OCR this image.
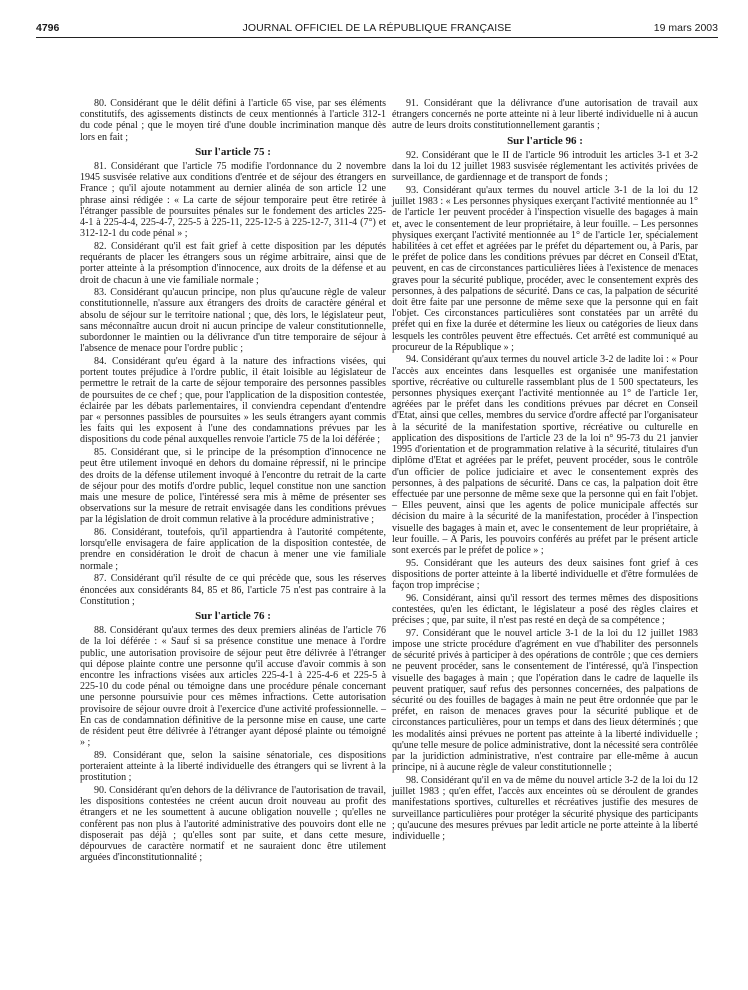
4796	JOURNAL OFFICIEL DE LA RÉPUBLIQUE FRANÇAISE	19 mars 2003

80. Considérant que le délit défini à l'article 65 vise, par ses éléments constitutifs, des agissements distincts de ceux mentionnés à l'article 312-1 du code pénal ; que le moyen tiré d'une double incrimination manque dès lors en fait ;

Sur l'article 75 :

81. Considérant que l'article 75 modifie l'ordonnance du 2 novembre 1945 susvisée relative aux conditions d'entrée et de séjour des étrangers en France ; qu'il ajoute notamment au dernier alinéa de son article 12 une phrase ainsi rédigée : « La carte de séjour temporaire peut être retirée à l'étranger passible de poursuites pénales sur le fondement des articles 225-4-1 à 225-4-4, 225-4-7, 225-5 à 225-11, 225-12-5 à 225-12-7, 311-4 (7°) et 312-12-1 du code pénal » ;

82. Considérant qu'il est fait grief à cette disposition par les députés requérants de placer les étrangers sous un régime arbitraire, ainsi que de porter atteinte à la présomption d'innocence, aux droits de la défense et au droit de chacun à une vie familiale normale ;

83. Considérant qu'aucun principe, non plus qu'aucune règle de valeur constitutionnelle, n'assure aux étrangers des droits de caractère général et absolu de séjour sur le territoire national ; que, dès lors, le législateur peut, sans méconnaître aucun droit ni aucun principe de valeur constitutionnelle, subordonner le maintien ou la délivrance d'un titre temporaire de séjour à l'absence de menace pour l'ordre public ;

84. Considérant qu'eu égard à la nature des infractions visées, qui portent toutes préjudice à l'ordre public, il était loisible au législateur de permettre le retrait de la carte de séjour temporaire des personnes passibles de poursuites de ce chef ; que, pour l'application de la disposition contestée, éclairée par les débats parlementaires, il conviendra cependant d'entendre par « personnes passibles de poursuites » les seuls étrangers ayant commis les faits qui les exposent à l'une des condamnations prévues par les dispositions du code pénal auxquelles renvoie l'article 75 de la loi déférée ;

85. Considérant que, si le principe de la présomption d'innocence ne peut être utilement invoqué en dehors du domaine répressif, ni le principe des droits de la défense utilement invoqué à l'encontre du retrait de la carte de séjour pour des motifs d'ordre public, lequel constitue non une sanction mais une mesure de police, l'intéressé sera mis à même de présenter ses observations sur la mesure de retrait envisagée dans les conditions prévues par la législation de droit commun relative à la procédure administrative ;

86. Considérant, toutefois, qu'il appartiendra à l'autorité compétente, lorsqu'elle envisagera de faire application de la disposition contestée, de prendre en considération le droit de chacun à mener une vie familiale normale ;

87. Considérant qu'il résulte de ce qui précède que, sous les réserves énoncées aux considérants 84, 85 et 86, l'article 75 n'est pas contraire à la Constitution ;

Sur l'article 76 :

88. Considérant qu'aux termes des deux premiers alinéas de l'article 76 de la loi déférée : « Sauf si sa présence constitue une menace à l'ordre public, une autorisation provisoire de séjour peut être délivrée à l'étranger qui dépose plainte contre une personne qu'il accuse d'avoir commis à son encontre les infractions visées aux articles 225-4-1 à 225-4-6 et 225-5 à 225-10 du code pénal ou témoigne dans une procédure pénale concernant une personne poursuivie pour ces mêmes infractions. Cette autorisation provisoire de séjour ouvre droit à l'exercice d'une activité professionnelle. – En cas de condamnation définitive de la personne mise en cause, une carte de résident peut être délivrée à l'étranger ayant déposé plainte ou témoigné » ;

89. Considérant que, selon la saisine sénatoriale, ces dispositions porteraient atteinte à la liberté individuelle des étrangers qui se livrent à la prostitution ;

90. Considérant qu'en dehors de la délivrance de l'autorisation de travail, les dispositions contestées ne créent aucun droit nouveau au profit des étrangers et ne les soumettent à aucune obligation nouvelle ; qu'elles ne confèrent pas non plus à l'autorité administrative des pouvoirs dont elle ne disposerait pas déjà ; qu'elles sont par suite, et dans cette mesure, dépourvues de caractère normatif et ne sauraient donc être utilement arguées d'inconstitutionnalité ;

91. Considérant que la délivrance d'une autorisation de travail aux étrangers concernés ne porte atteinte ni à leur liberté individuelle ni à aucun autre de leurs droits constitutionnellement garantis ;

Sur l'article 96 :

92. Considérant que le II de l'article 96 introduit les articles 3-1 et 3-2 dans la loi du 12 juillet 1983 susvisée réglementant les activités privées de surveillance, de gardiennage et de transport de fonds ;

93. Considérant qu'aux termes du nouvel article 3-1 de la loi du 12 juillet 1983 : « Les personnes physiques exerçant l'activité mentionnée au 1° de l'article 1er peuvent procéder à l'inspection visuelle des bagages à main et, avec le consentement de leur propriétaire, à leur fouille. – Les personnes physiques exerçant l'activité mentionnée au 1° de l'article 1er, spécialement habilitées à cet effet et agréées par le préfet du département ou, à Paris, par le préfet de police dans les conditions prévues par décret en Conseil d'Etat, peuvent, en cas de circonstances particulières liées à l'existence de menaces graves pour la sécurité publique, procéder, avec le consentement exprès des personnes, à des palpations de sécurité. Dans ce cas, la palpation de sécurité doit être faite par une personne de même sexe que la personne qui en fait l'objet. Ces circonstances particulières sont constatées par un arrêté du préfet qui en fixe la durée et détermine les lieux ou catégories de lieux dans lesquels les contrôles peuvent être effectués. Cet arrêté est communiqué au procureur de la République » ;

94. Considérant qu'aux termes du nouvel article 3-2 de ladite loi : « Pour l'accès aux enceintes dans lesquelles est organisée une manifestation sportive, récréative ou culturelle rassemblant plus de 1 500 spectateurs, les personnes physiques exerçant l'activité mentionnée au 1° de l'article 1er, agréées par le préfet dans les conditions prévues par décret en Conseil d'Etat, ainsi que celles, membres du service d'ordre affecté par l'organisateur à la sécurité de la manifestation sportive, récréative ou culturelle en application des dispositions de l'article 23 de la loi n° 95-73 du 21 janvier 1995 d'orientation et de programmation relative à la sécurité, titulaires d'un diplôme d'Etat et agréées par le préfet, peuvent procéder, sous le contrôle d'un officier de police judiciaire et avec le consentement exprès des personnes, à des palpations de sécurité. Dans ce cas, la palpation doit être effectuée par une personne de même sexe que la personne qui en fait l'objet. – Elles peuvent, ainsi que les agents de police municipale affectés sur décision du maire à la sécurité de la manifestation, procéder à l'inspection visuelle des bagages à main et, avec le consentement de leur propriétaire, à leur fouille. – A Paris, les pouvoirs conférés au préfet par le présent article sont exercés par le préfet de police » ;

95. Considérant que les auteurs des deux saisines font grief à ces dispositions de porter atteinte à la liberté individuelle et d'être formulées de façon trop imprécise ;

96. Considérant, ainsi qu'il ressort des termes mêmes des dispositions contestées, qu'en les édictant, le législateur a posé des règles claires et précises ; que, par suite, il n'est pas resté en deçà de sa compétence ;

97. Considérant que le nouvel article 3-1 de la loi du 12 juillet 1983 impose une stricte procédure d'agrément en vue d'habiliter des personnels de sécurité privés à participer à des opérations de contrôle ; que ces derniers ne peuvent procéder, sans le consentement de l'intéressé, qu'à l'inspection visuelle des bagages à main ; que l'opération dans le cadre de laquelle ils peuvent pratiquer, sauf refus des personnes concernées, des palpations de sécurité ou des fouilles de bagages à main ne peut être ordonnée que par le préfet, en raison de menaces graves pour la sécurité publique et de circonstances particulières, pour un temps et dans des lieux déterminés ; que les modalités ainsi prévues ne portent pas atteinte à la liberté individuelle ; qu'une telle mesure de police administrative, dont la nécessité sera contrôlée par la juridiction administrative, n'est contraire par elle-même à aucun principe, ni à aucune règle de valeur constitutionnelle ;

98. Considérant qu'il en va de même du nouvel article 3-2 de la loi du 12 juillet 1983 ; qu'en effet, l'accès aux enceintes où se déroulent de grandes manifestations sportives, culturelles et récréatives justifie des mesures de surveillance particulières pour protéger la sécurité physique des participants ; qu'aucune des mesures prévues par ledit article ne porte atteinte à la liberté individuelle ;
